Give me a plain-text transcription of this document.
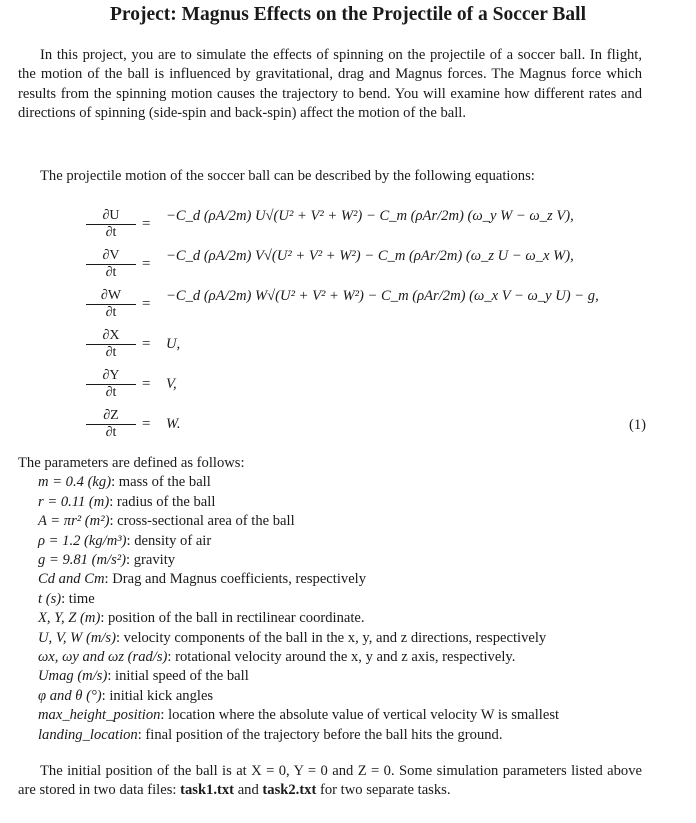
Project: Magnus Effects on the Projectile of a Soccer Ball

In this project, you are to simulate the effects of spinning on the projectile of a soccer ball. In flight, the motion of the ball is influenced by gravitational, drag and Magnus forces. The Magnus force which results from the spinning motion causes the trajectory to bend. You will examine how different rates and directions of spinning (side-spin and back-spin) affect the motion of the ball.

The projectile motion of the soccer ball can be described by the following equations:

$\frac{\partial U}{\partial t}$ = −C_d (ρA/2m) U√(U² + V² + W²) − C_m (ρAr/2m) (ω_y W − ω_z V),
$\frac{\partial V}{\partial t}$ = −C_d (ρA/2m) V√(U² + V² + W²) − C_m (ρAr/2m) (ω_z U − ω_x W),
$\frac{\partial W}{\partial t}$ = −C_d (ρA/2m) W√(U² + V² + W²) − C_m (ρAr/2m) (ω_x V − ω_y U) − g,
$\frac{\partial X}{\partial t} = U$,
$\frac{\partial Y}{\partial t} = V$,
$\frac{\partial Z}{\partial t} = W$.	(1)

The parameters are defined as follows:

m = 0.4 (kg): mass of the ball
r = 0.11 (m): radius of the ball
A = πr² (m²): cross-sectional area of the ball
ρ = 1.2 (kg/m³): density of air
g = 9.81 (m/s²): gravity
Cd and Cm: Drag and Magnus coefficients, respectively
t (s): time
X, Y, Z (m): position of the ball in rectilinear coordinate.
U, V, W (m/s): velocity components of the ball in the x, y, and z directions, respectively
ωx, ωy and ωz (rad/s): rotational velocity around the x, y and z axis, respectively.
Umag (m/s): initial speed of the ball
φ and θ (°): initial kick angles
max_height_position: location where the absolute value of vertical velocity W is smallest
landing_location: final position of the trajectory before the ball hits the ground.

The initial position of the ball is at X = 0, Y = 0 and Z = 0. Some simulation parameters listed above are stored in two data files: task1.txt and task2.txt for two separate tasks.
